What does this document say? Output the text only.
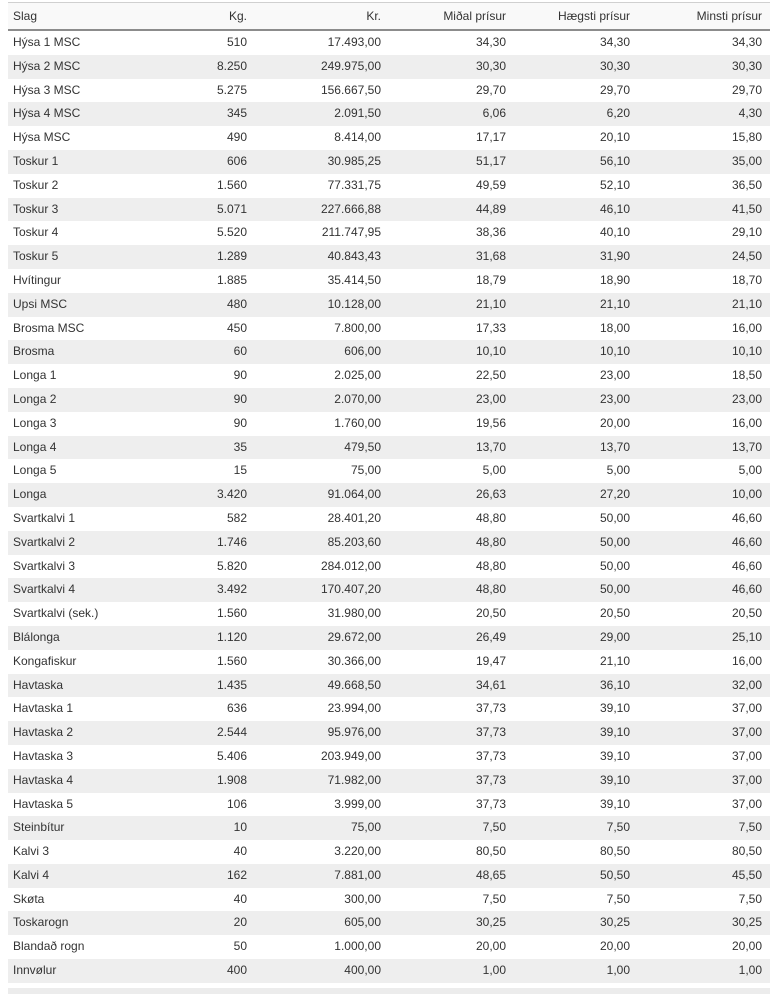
Slag	Kg.	Kr.	Miðal prísur	Hægsti prísur	Minsti prísur
Hýsa 1 MSC	510	17.493,00	34,30	34,30	34,30
Hýsa 2 MSC	8.250	249.975,00	30,30	30,30	30,30
Hýsa 3 MSC	5.275	156.667,50	29,70	29,70	29,70
Hýsa 4 MSC	345	2.091,50	6,06	6,20	4,30
Hýsa MSC	490	8.414,00	17,17	20,10	15,80
Toskur 1	606	30.985,25	51,17	56,10	35,00
Toskur 2	1.560	77.331,75	49,59	52,10	36,50
Toskur 3	5.071	227.666,88	44,89	46,10	41,50
Toskur 4	5.520	211.747,95	38,36	40,10	29,10
Toskur 5	1.289	40.843,43	31,68	31,90	24,50
Hvítingur	1.885	35.414,50	18,79	18,90	18,70
Upsi MSC	480	10.128,00	21,10	21,10	21,10
Brosma MSC	450	7.800,00	17,33	18,00	16,00
Brosma	60	606,00	10,10	10,10	10,10
Longa 1	90	2.025,00	22,50	23,00	18,50
Longa 2	90	2.070,00	23,00	23,00	23,00
Longa 3	90	1.760,00	19,56	20,00	16,00
Longa 4	35	479,50	13,70	13,70	13,70
Longa 5	15	75,00	5,00	5,00	5,00
Longa	3.420	91.064,00	26,63	27,20	10,00
Svartkalvi 1	582	28.401,20	48,80	50,00	46,60
Svartkalvi 2	1.746	85.203,60	48,80	50,00	46,60
Svartkalvi 3	5.820	284.012,00	48,80	50,00	46,60
Svartkalvi 4	3.492	170.407,20	48,80	50,00	46,60
Svartkalvi (sek.)	1.560	31.980,00	20,50	20,50	20,50
Blálonga	1.120	29.672,00	26,49	29,00	25,10
Kongafiskur	1.560	30.366,00	19,47	21,10	16,00
Havtaska	1.435	49.668,50	34,61	36,10	32,00
Havtaska 1	636	23.994,00	37,73	39,10	37,00
Havtaska 2	2.544	95.976,00	37,73	39,10	37,00
Havtaska 3	5.406	203.949,00	37,73	39,10	37,00
Havtaska 4	1.908	71.982,00	37,73	39,10	37,00
Havtaska 5	106	3.999,00	37,73	39,10	37,00
Steinbítur	10	75,00	7,50	7,50	7,50
Kalvi 3	40	3.220,00	80,50	80,50	80,50
Kalvi 4	162	7.881,00	48,65	50,50	45,50
Skøta	40	300,00	7,50	7,50	7,50
Toskarogn	20	605,00	30,25	30,25	30,25
Blandað rogn	50	1.000,00	20,00	20,00	20,00
Innvølur	400	400,00	1,00	1,00	1,00
